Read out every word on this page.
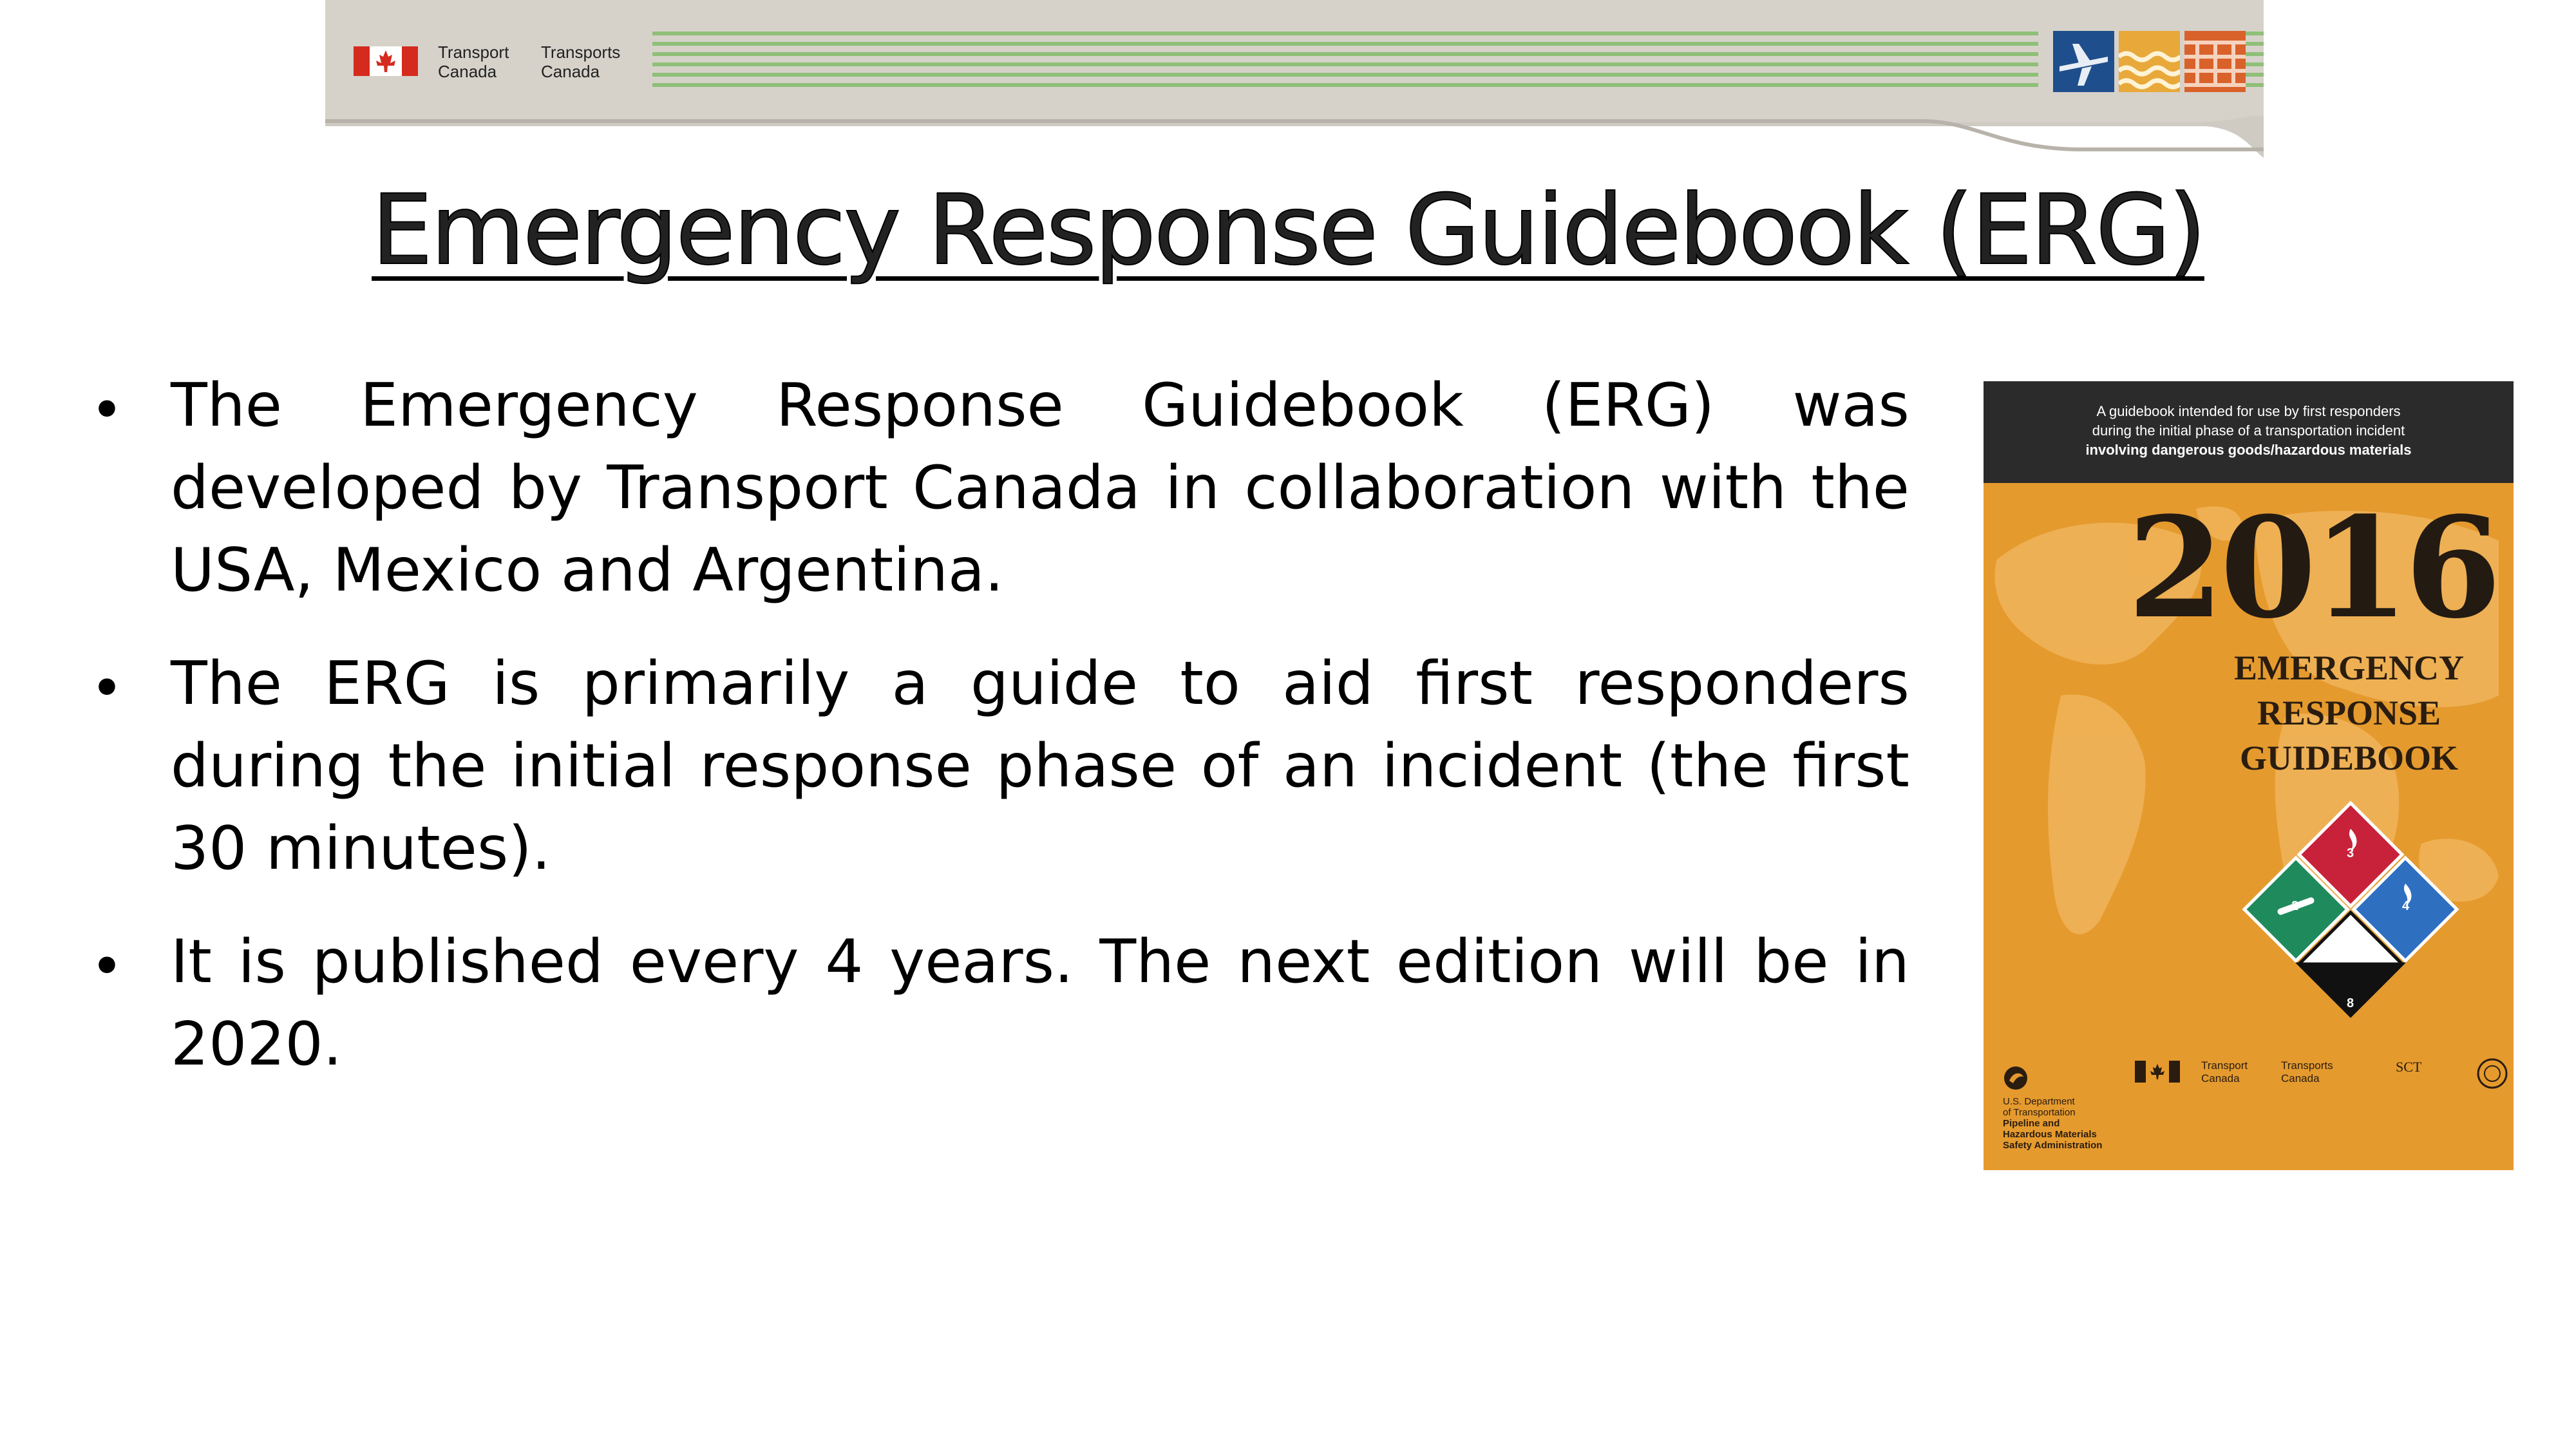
Transport
Canada
Transports
Canada
Emergency Response Guidebook (ERG)
• The Emergency Response Guidebook (ERG) was developed by Transport Canada in collaboration with the USA, Mexico and Argentina.
• The ERG is primarily a guide to aid first responders during the initial response phase of an incident (the first 30 minutes).
• It is published every 4 years. The next edition will be in 2020.
A guidebook intended for use by first responders
during the initial phase of a transportation incident
involving dangerous goods/hazardous materials
2016
EMERGENCY
RESPONSE
GUIDEBOOK
3
2	4
8
U.S. Department
of Transportation
Pipeline and
Hazardous Materials
Safety Administration
Transport
Canada
Transports
Canada
SCT
